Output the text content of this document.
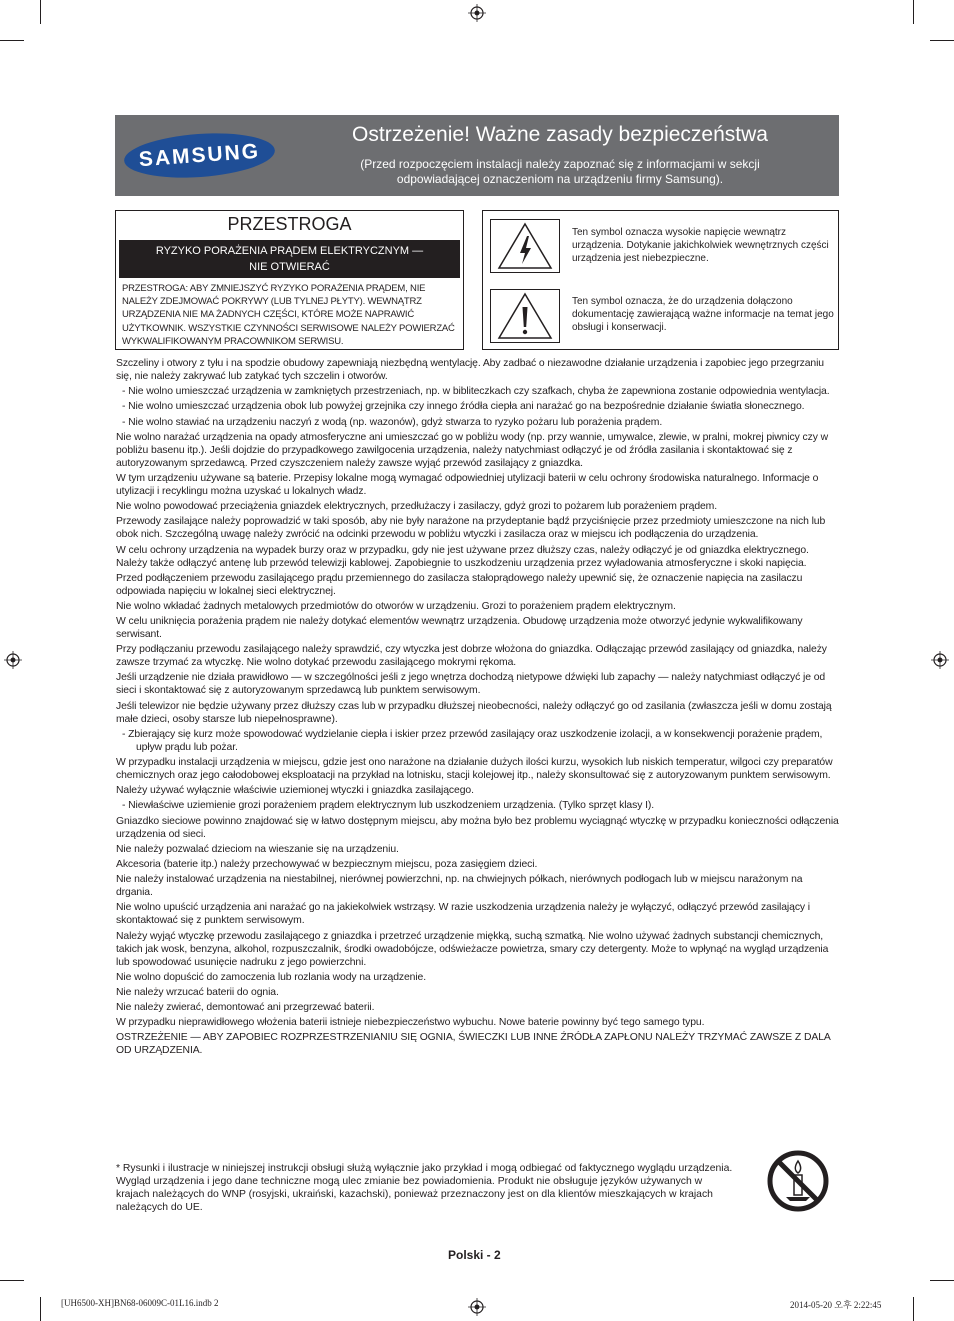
SAMSUNG
Ostrzeżenie! Ważne zasady bezpieczeństwa
(Przed rozpoczęciem instalacji należy zapoznać się z informacjami w sekcji
odpowiadającej oznaczeniom na urządzeniu firmy Samsung).
PRZESTROGA
RYZYKO PORAŻENIA PRĄDEM ELEKTRYCZNYM —
NIE OTWIERAĆ
PRZESTROGA: ABY ZMNIEJSZYĆ RYZYKO PORAŻENIA PRĄDEM, NIE NALEŻY ZDEJMOWAĆ POKRYWY (LUB TYLNEJ PŁYTY). WEWNĄTRZ URZĄDZENIA NIE MA ŻADNYCH CZĘŚCI, KTÓRE MOŻE NAPRAWIĆ UŻYTKOWNIK. WSZYSTKIE CZYNNOŚCI SERWISOWE NALEŻY POWIERZAĆ WYKWALIFIKOWANYM PRACOWNIKOM SERWISU.
Ten symbol oznacza wysokie napięcie wewnątrz urządzenia. Dotykanie jakichkolwiek wewnętrznych części urządzenia jest niebezpieczne.
Ten symbol oznacza, że do urządzenia dołączono dokumentację zawierającą ważne informacje na temat jego obsługi i konserwacji.

Szczeliny i otwory z tyłu i na spodzie obudowy zapewniają niezbędną wentylację. Aby zadbać o niezawodne działanie urządzenia i zapobiec jego przegrzaniu się, nie należy zakrywać lub zatykać tych szczelin i otworów.

- Nie wolno umieszczać urządzenia w zamkniętych przestrzeniach, np. w bibliteczkach czy szafkach, chyba że zapewniona zostanie odpowiednia wentylacja.

- Nie wolno umieszczać urządzenia obok lub powyżej grzejnika czy innego źródła ciepła ani narażać go na bezpośrednie działanie światła słonecznego.

- Nie wolno stawiać na urządzeniu naczyń z wodą (np. wazonów), gdyż stwarza to ryzyko pożaru lub porażenia prądem.

Nie wolno narażać urządzenia na opady atmosferyczne ani umieszczać go w pobliżu wody (np. przy wannie, umywalce, zlewie, w pralni, mokrej piwnicy czy w pobliżu basenu itp.). Jeśli dojdzie do przypadkowego zawilgocenia urządzenia, należy natychmiast odłączyć je od źródła zasilania i skontaktować się z autoryzowanym sprzedawcą. Przed czyszczeniem należy zawsze wyjąć przewód zasilający z gniazdka.

W tym urządzeniu używane są baterie. Przepisy lokalne mogą wymagać odpowiedniej utylizacji baterii w celu ochrony środowiska naturalnego. Informacje o utylizacji i recyklingu można uzyskać u lokalnych władz.

Nie wolno powodować przeciążenia gniazdek elektrycznych, przedłużaczy i zasilaczy, gdyż grozi to pożarem lub porażeniem prądem.

Przewody zasilające należy poprowadzić w taki sposób, aby nie były narażone na przydeptanie bądź przyciśnięcie przez przedmioty umieszczone na nich lub obok nich. Szczególną uwagę należy zwrócić na odcinki przewodu w pobliżu wtyczki i zasilacza oraz w miejscu ich podłączenia do urządzenia.

W celu ochrony urządzenia na wypadek burzy oraz w przypadku, gdy nie jest używane przez dłuższy czas, należy odłączyć je od gniazdka elektrycznego. Należy także odłączyć antenę lub przewód telewizji kablowej. Zapobiegnie to uszkodzeniu urządzenia przez wyładowania atmosferyczne i skoki napięcia.

Przed podłączeniem przewodu zasilającego prądu przemiennego do zasilacza stałoprądowego należy upewnić się, że oznaczenie napięcia na zasilaczu odpowiada napięciu w lokalnej sieci elektrycznej.

Nie wolno wkładać żadnych metalowych przedmiotów do otworów w urządzeniu. Grozi to porażeniem prądem elektrycznym.

W celu uniknięcia porażenia prądem nie należy dotykać elementów wewnątrz urządzenia. Obudowę urządzenia może otworzyć jedynie wykwalifikowany serwisant.

Przy podłączaniu przewodu zasilającego należy sprawdzić, czy wtyczka jest dobrze włożona do gniazdka. Odłączając przewód zasilający od gniazdka, należy zawsze trzymać za wtyczkę. Nie wolno dotykać przewodu zasilającego mokrymi rękoma.

Jeśli urządzenie nie działa prawidłowo — w szczególności jeśli z jego wnętrza dochodzą nietypowe dźwięki lub zapachy — należy natychmiast odłączyć je od sieci i skontaktować się z autoryzowanym sprzedawcą lub punktem serwisowym.

Jeśli telewizor nie będzie używany przez dłuższy czas lub w przypadku dłuższej nieobecności, należy odłączyć go od zasilania (zwłaszcza jeśli w domu zostają małe dzieci, osoby starsze lub niepełnosprawne).

- Zbierający się kurz może spowodować wydzielanie ciepła i iskier przez przewód zasilający oraz uszkodzenie izolacji, a w konsekwencji porażenie prądem, upływ prądu lub pożar.

W przypadku instalacji urządzenia w miejscu, gdzie jest ono narażone na działanie dużych ilości kurzu, wysokich lub niskich temperatur, wilgoci czy preparatów chemicznych oraz jego całodobowej eksploatacji na przykład na lotnisku, stacji kolejowej itp., należy skonsultować się z autoryzowanym punktem serwisowym.

Należy używać wyłącznie właściwie uziemionej wtyczki i gniazdka zasilającego.

- Niewłaściwe uziemienie grozi porażeniem prądem elektrycznym lub uszkodzeniem urządzenia. (Tylko sprzęt klasy I).

Gniazdko sieciowe powinno znajdować się w łatwo dostępnym miejscu, aby można było bez problemu wyciągnąć wtyczkę w przypadku konieczności odłączenia urządzenia od sieci.

Nie należy pozwalać dzieciom na wieszanie się na urządzeniu.

Akcesoria (baterie itp.) należy przechowywać w bezpiecznym miejscu, poza zasięgiem dzieci.

Nie należy instalować urządzenia na niestabilnej, nierównej powierzchni, np. na chwiejnych półkach, nierównych podłogach lub w miejscu narażonym na drgania.

Nie wolno upuścić urządzenia ani narażać go na jakiekolwiek wstrząsy. W razie uszkodzenia urządzenia należy je wyłączyć, odłączyć przewód zasilający i skontaktować się z punktem serwisowym.

Należy wyjąć wtyczkę przewodu zasilającego z gniazdka i przetrzeć urządzenie miękką, suchą szmatką. Nie wolno używać żadnych substancji chemicznych, takich jak wosk, benzyna, alkohol, rozpuszczalnik, środki owadobójcze, odświeżacze powietrza, smary czy detergenty. Może to wpłynąć na wygląd urządzenia lub spowodować usunięcie nadruku z jego powierzchni.

Nie wolno dopuścić do zamoczenia lub rozlania wody na urządzenie.

Nie należy wrzucać baterii do ognia.

Nie należy zwierać, demontować ani przegrzewać baterii.

W przypadku nieprawidłowego włożenia baterii istnieje niebezpieczeństwo wybuchu. Nowe baterie powinny być tego samego typu.

OSTRZEŻENIE — ABY ZAPOBIEC ROZPRZESTRZENIANIU SIĘ OGNIA, ŚWIECZKI LUB INNE ŹRÓDŁA ZAPŁONU NALEŻY TRZYMAĆ ZAWSZE Z DALA OD URZĄDZENIA.

* Rysunki i ilustracje w niniejszej instrukcji obsługi służą wyłącznie jako przykład i mogą odbiegać od faktycznego wyglądu urządzenia. Wygląd urządzenia i jego dane techniczne mogą ulec zmianie bez powiadomienia. Produkt nie obsługuje języków używanych w krajach należących do WNP (rosyjski, ukraiński, kazachski), ponieważ przeznaczony jest on dla klientów mieszkających w krajach należących do UE.
Polski - 2
[UH6500-XH]BN68-06009C-01L16.indb 2	2014-05-20 오후 2:22:45
